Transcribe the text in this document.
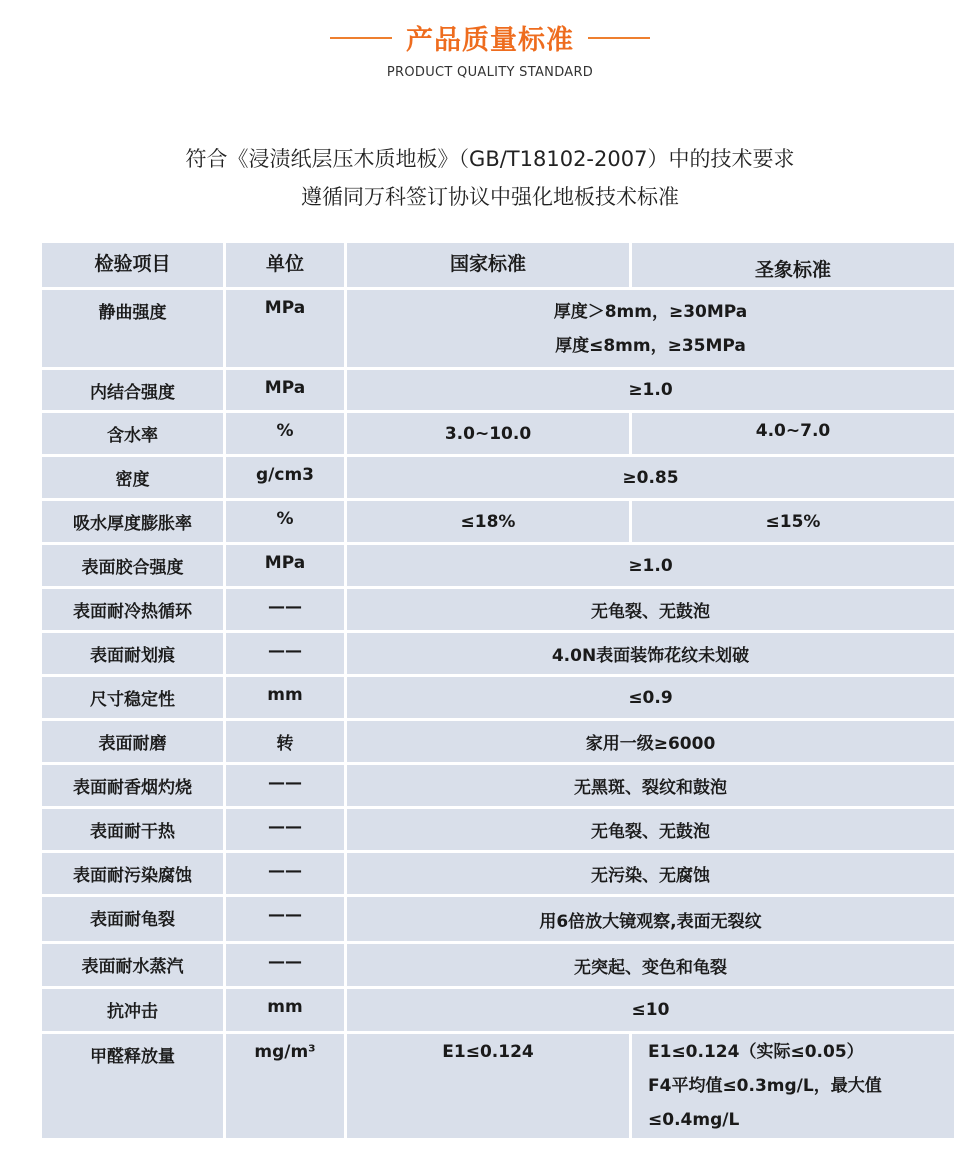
产品质量标准
PRODUCT QUALITY STANDARD
符合《浸渍纸层压木质地板》（GB/T18102-2007）中的技术要求
遵循同万科签订协议中强化地板技术标准
检验项目	单位	国家标准	圣象标准
静曲强度	MPa	厚度＞8mm，≥30MPa
厚度≤8mm，≥35MPa
内结合强度	MPa	≥1.0
含水率	%	3.0~10.0	4.0~7.0
密度	g/cm3	≥0.85
吸水厚度膨胀率	%	≤18%	≤15%
表面胶合强度	MPa	≥1.0
表面耐冷热循环	——	无龟裂、无鼓泡
表面耐划痕	——	4.0N表面装饰花纹未划破
尺寸稳定性	mm	≤0.9
表面耐磨	转	家用一级≥6000
表面耐香烟灼烧	——	无黑斑、裂纹和鼓泡
表面耐干热	——	无龟裂、无鼓泡
表面耐污染腐蚀	——	无污染、无腐蚀
表面耐龟裂	——	用6倍放大镜观察,表面无裂纹
表面耐水蒸汽	——	无突起、变色和龟裂
抗冲击	mm	≤10
甲醛释放量	mg/m³	E1≤0.124	E1≤0.124（实际≤0.05）
F4平均值≤0.3mg/L，最大值≤0.4mg/L
